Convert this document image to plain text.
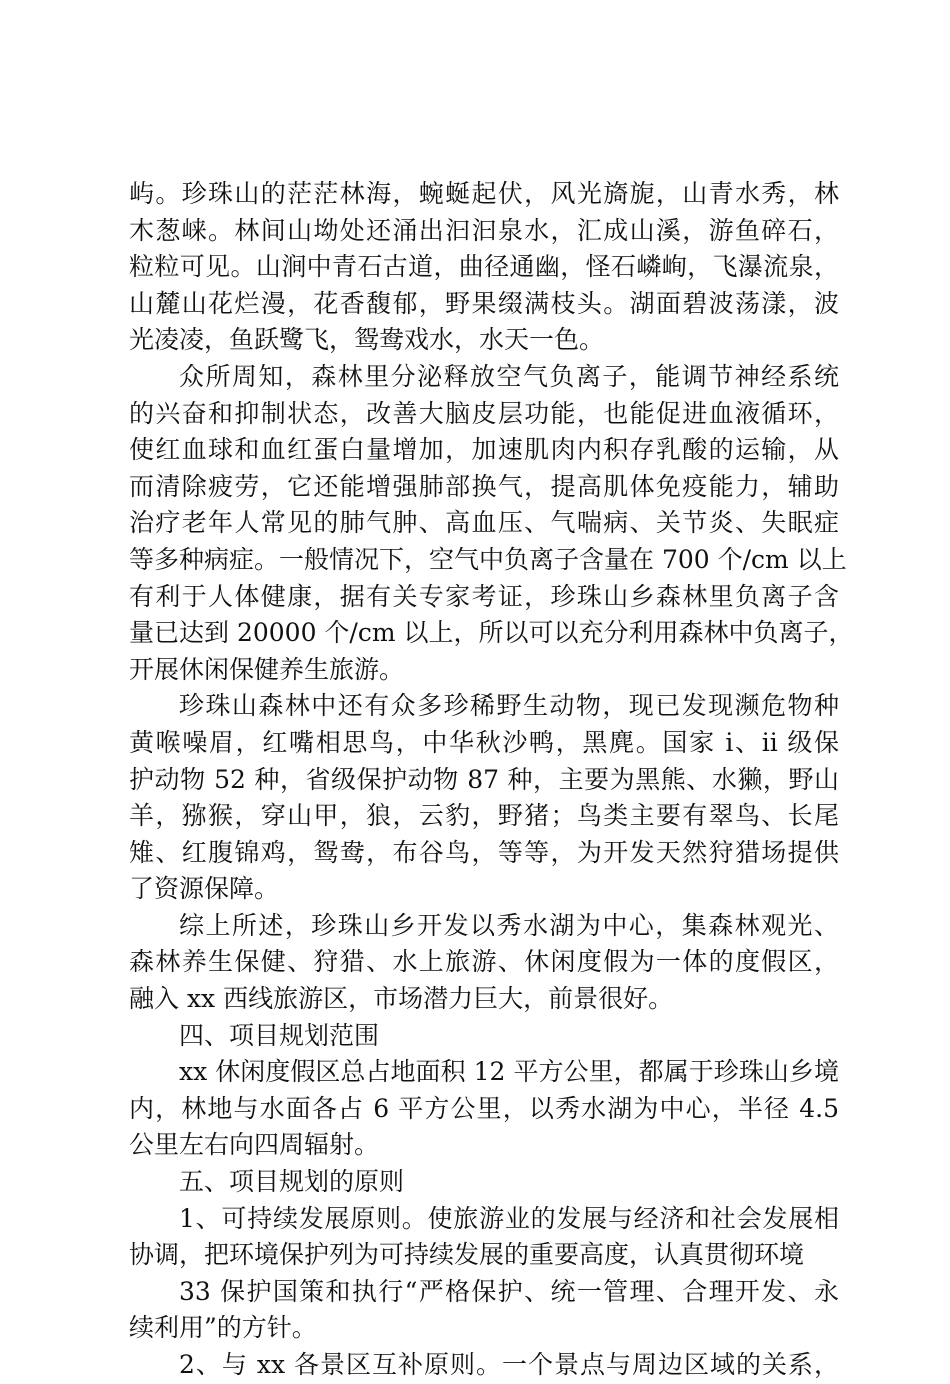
屿。珍珠山的茫茫林海，蜿蜒起伏，风光旖旎，山青水秀，林
木葱崃。林间山坳处还涌出汩汩泉水，汇成山溪，游鱼碎石，
粒粒可见。山涧中青石古道，曲径通幽，怪石嶙峋，飞瀑流泉，
山麓山花烂漫，花香馥郁，野果缀满枝头。湖面碧波荡漾，波
光凌凌，鱼跃鹭飞，鸳鸯戏水，水天一色。
众所周知，森林里分泌释放空气负离子，能调节神经系统
的兴奋和抑制状态，改善大脑皮层功能，也能促进血液循环，
使红血球和血红蛋白量增加，加速肌肉内积存乳酸的运输，从
而清除疲劳，它还能增强肺部换气，提高肌体免疫能力，辅助
治疗老年人常见的肺气肿、高血压、气喘病、关节炎、失眠症
等多种病症。一般情况下，空气中负离子含量在 700 个/cm 以上
有利于人体健康，据有关专家考证，珍珠山乡森林里负离子含
量已达到 20000 个/cm 以上，所以可以充分利用森林中负离子，
开展休闲保健养生旅游。
珍珠山森林中还有众多珍稀野生动物，现已发现濒危物种
黄喉噪眉，红嘴相思鸟，中华秋沙鸭，黑麂。国家 i、ii 级保
护动物 52 种，省级保护动物 87 种，主要为黑熊、水獭，野山
羊，猕猴，穿山甲，狼，云豹，野猪；鸟类主要有翠鸟、长尾
雉、红腹锦鸡，鸳鸯，布谷鸟，等等，为开发天然狩猎场提供
了资源保障。
综上所述，珍珠山乡开发以秀水湖为中心，集森林观光、
森林养生保健、狩猎、水上旅游、休闲度假为一体的度假区，
融入 xx 西线旅游区，市场潜力巨大，前景很好。
四、项目规划范围
xx 休闲度假区总占地面积 12 平方公里，都属于珍珠山乡境
内，林地与水面各占 6 平方公里，以秀水湖为中心，半径 4.5
公里左右向四周辐射。
五、项目规划的原则
1、可持续发展原则。使旅游业的发展与经济和社会发展相
协调，把环境保护列为可持续发展的重要高度，认真贯彻环境
33 保护国策和执行“严格保护、统一管理、合理开发、永
续利用”的方针。
2、与 xx 各景区互补原则。一个景点与周边区域的关系，
